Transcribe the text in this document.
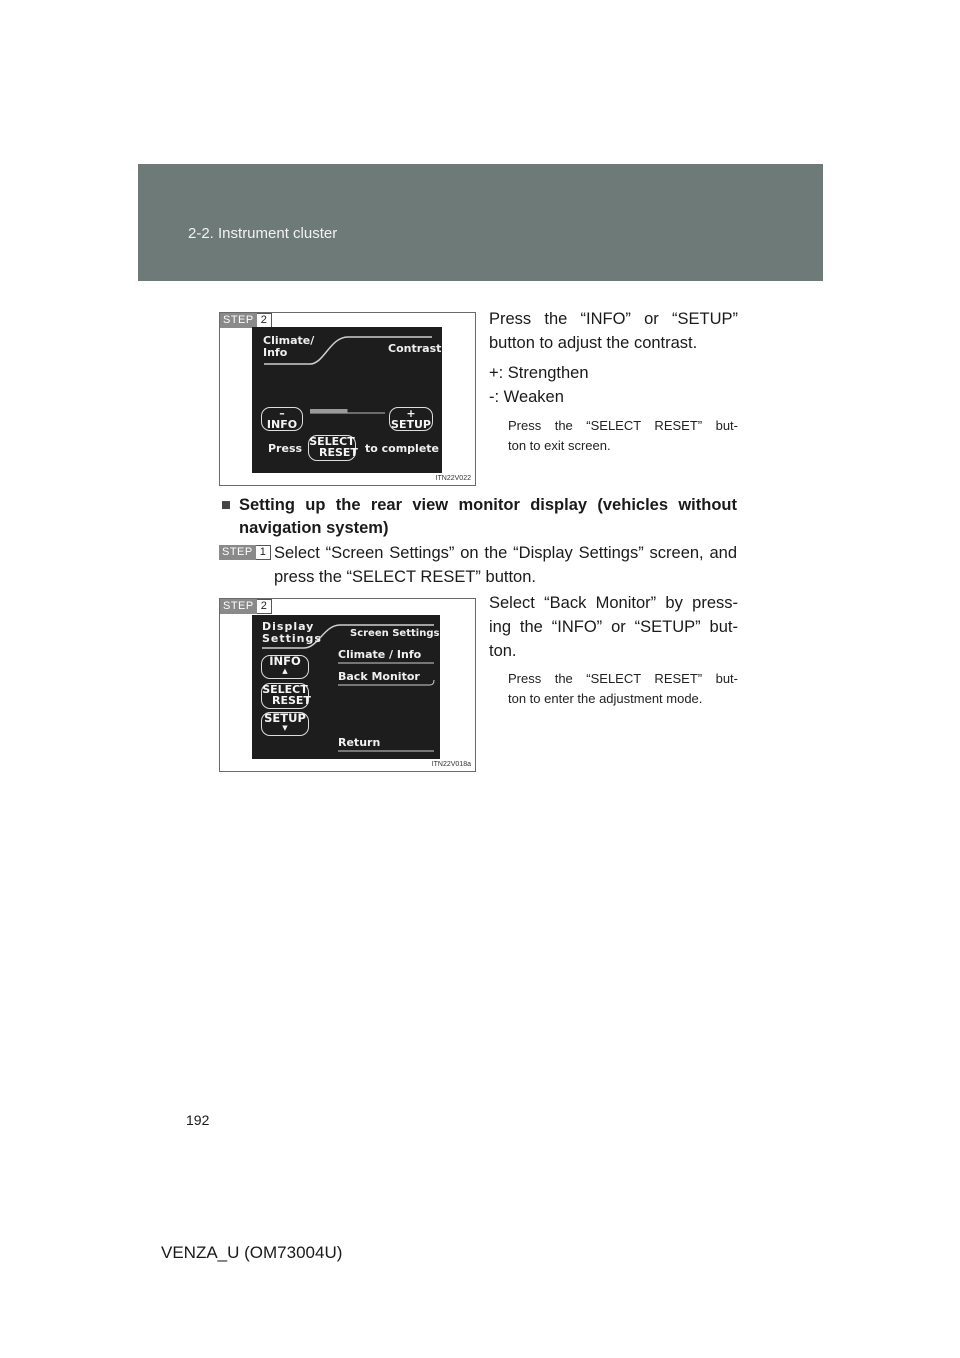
2-2. Instrument cluster
STEP 2
Climate/
Info	Contrast
–
INFO
+
SETUP
Press
SELECT
RESET to complete
ITN22V022
Press the “INFO” or “SETUP”
button to adjust the contrast.
+: Strengthen
-: Weaken
Press the “SELECT RESET” but-
ton to exit screen.
■ Setting up the rear view monitor display (vehicles without
navigation system)
STEP 1 Select “Screen Settings” on the “Display Settings” screen, and
press the “SELECT RESET” button.
STEP 2
Display
Settings	Screen Settings
INFO
▲
SELECT
RESET
SETUP
▼
Climate / Info
Back Monitor
Return
ITN22V018a
Select “Back Monitor” by press-
ing the “INFO” or “SETUP” but-
ton.
Press the “SELECT RESET” but-
ton to enter the adjustment mode.
192
VENZA_U (OM73004U)
